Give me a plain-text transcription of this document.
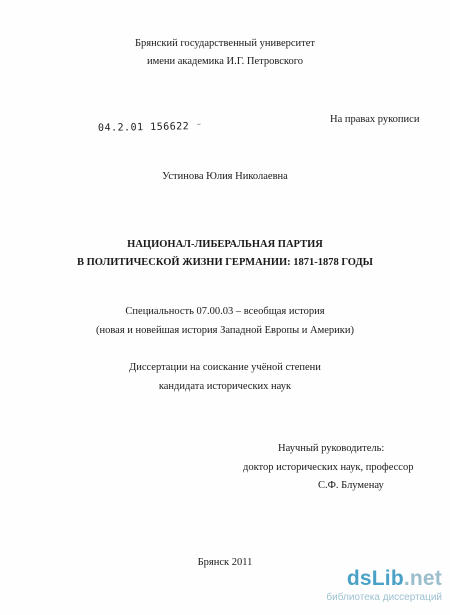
Брянский государственный университет
имени академика И.Г. Петровского
04.2.01 156622 ⁻
На правах рукописи
Устинова Юлия Николаевна
НАЦИОНАЛ-ЛИБЕРАЛЬНАЯ ПАРТИЯ
В ПОЛИТИЧЕСКОЙ ЖИЗНИ ГЕРМАНИИ: 1871-1878 ГОДЫ
Специальность 07.00.03 – всеобщая история
(новая и новейшая история Западной Европы и Америки)
Диссертации на соискание учёной степени
кандидата исторических наук
Научный руководитель:
доктор исторических наук, профессор
С.Ф. Блуменау
Брянск 2011
dsLib.net
библиотека диссертаций
